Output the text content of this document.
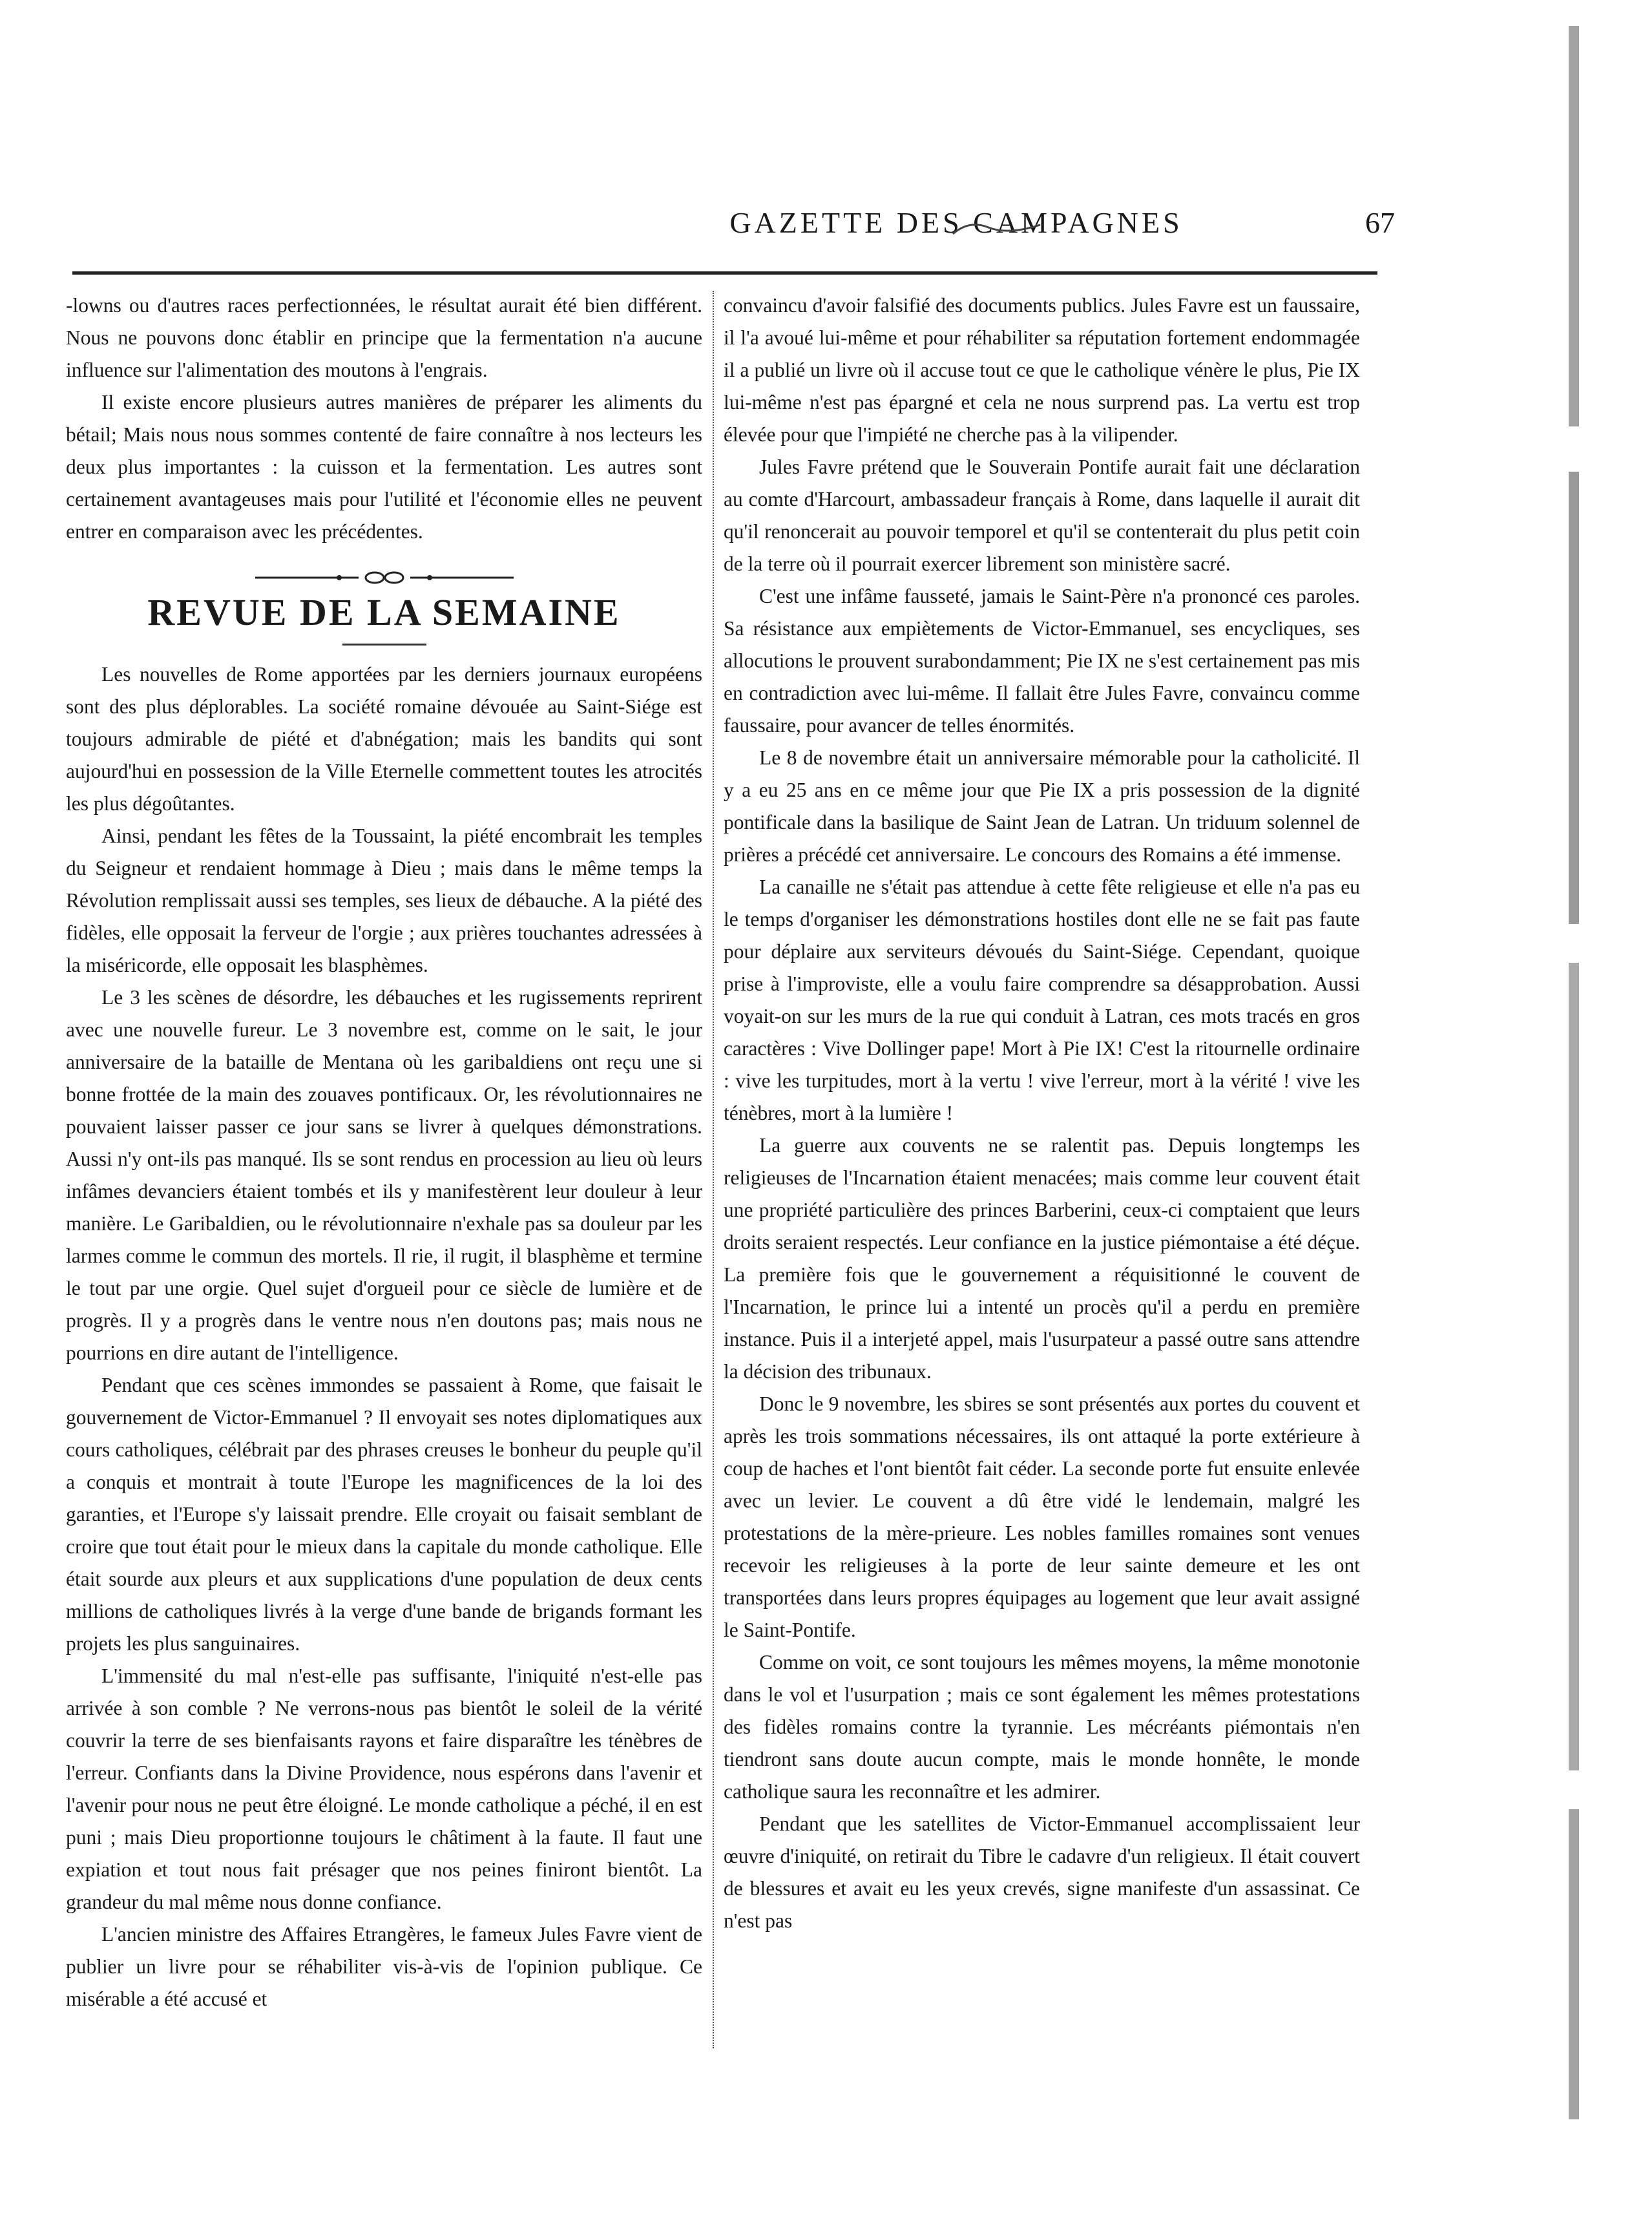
GAZETTE DES CAMPAGNES	67

-lowns ou d'autres races perfectionnées, le résultat aurait été bien différent. Nous ne pouvons donc établir en principe que la fermentation n'a aucune influence sur l'alimentation des moutons à l'engrais.

Il existe encore plusieurs autres manières de préparer les aliments du bétail; Mais nous nous sommes contenté de faire connaître à nos lecteurs les deux plus importantes : la cuisson et la fermentation. Les autres sont certainement avantageuses mais pour l'utilité et l'économie elles ne peuvent entrer en comparaison avec les précédentes.

REVUE DE LA SEMAINE

Les nouvelles de Rome apportées par les derniers journaux européens sont des plus déplorables. La société romaine dévouée au Saint-Siége est toujours admirable de piété et d'abnégation; mais les bandits qui sont aujourd'hui en possession de la Ville Eternelle commettent toutes les atrocités les plus dégoûtantes.

Ainsi, pendant les fêtes de la Toussaint, la piété encombrait les temples du Seigneur et rendaient hommage à Dieu ; mais dans le même temps la Révolution remplissait aussi ses temples, ses lieux de débauche. A la piété des fidèles, elle opposait la ferveur de l'orgie ; aux prières touchantes adressées à la miséricorde, elle opposait les blasphèmes.

Le 3 les scènes de désordre, les débauches et les rugissements reprirent avec une nouvelle fureur. Le 3 novembre est, comme on le sait, le jour anniversaire de la bataille de Mentana où les garibaldiens ont reçu une si bonne frottée de la main des zouaves pontificaux. Or, les révolutionnaires ne pouvaient laisser passer ce jour sans se livrer à quelques démonstrations. Aussi n'y ont-ils pas manqué. Ils se sont rendus en procession au lieu où leurs infâmes devanciers étaient tombés et ils y manifestèrent leur douleur à leur manière. Le Garibaldien, ou le révolutionnaire n'exhale pas sa douleur par les larmes comme le commun des mortels. Il rie, il rugit, il blasphème et termine le tout par une orgie. Quel sujet d'orgueil pour ce siècle de lumière et de progrès. Il y a progrès dans le ventre nous n'en doutons pas; mais nous ne pourrions en dire autant de l'intelligence.

Pendant que ces scènes immondes se passaient à Rome, que faisait le gouvernement de Victor-Emmanuel ? Il envoyait ses notes diplomatiques aux cours catholiques, célébrait par des phrases creuses le bonheur du peuple qu'il a conquis et montrait à toute l'Europe les magnificences de la loi des garanties, et l'Europe s'y laissait prendre. Elle croyait ou faisait semblant de croire que tout était pour le mieux dans la capitale du monde catholique. Elle était sourde aux pleurs et aux supplications d'une population de deux cents millions de catholiques livrés à la verge d'une bande de brigands formant les projets les plus sanguinaires.

L'immensité du mal n'est-elle pas suffisante, l'iniquité n'est-elle pas arrivée à son comble ? Ne verrons-nous pas bientôt le soleil de la vérité couvrir la terre de ses bienfaisants rayons et faire disparaître les ténèbres de l'erreur. Confiants dans la Divine Providence, nous espérons dans l'avenir et l'avenir pour nous ne peut être éloigné. Le monde catholique a péché, il en est puni ; mais Dieu proportionne toujours le châtiment à la faute. Il faut une expiation et tout nous fait présager que nos peines finiront bientôt. La grandeur du mal même nous donne confiance.

L'ancien ministre des Affaires Etrangères, le fameux Jules Favre vient de publier un livre pour se réhabiliter vis-à-vis de l'opinion publique. Ce misérable a été accusé et

convaincu d'avoir falsifié des documents publics. Jules Favre est un faussaire, il l'a avoué lui-même et pour réhabiliter sa réputation fortement endommagée il a publié un livre où il accuse tout ce que le catholique vénère le plus, Pie IX lui-même n'est pas épargné et cela ne nous surprend pas. La vertu est trop élevée pour que l'impiété ne cherche pas à la vilipender.

Jules Favre prétend que le Souverain Pontife aurait fait une déclaration au comte d'Harcourt, ambassadeur français à Rome, dans laquelle il aurait dit qu'il renoncerait au pouvoir temporel et qu'il se contenterait du plus petit coin de la terre où il pourrait exercer librement son ministère sacré.

C'est une infâme fausseté, jamais le Saint-Père n'a prononcé ces paroles. Sa résistance aux empiètements de Victor-Emmanuel, ses encycliques, ses allocutions le prouvent surabondamment; Pie IX ne s'est certainement pas mis en contradiction avec lui-même. Il fallait être Jules Favre, convaincu comme faussaire, pour avancer de telles énormités.

Le 8 de novembre était un anniversaire mémorable pour la catholicité. Il y a eu 25 ans en ce même jour que Pie IX a pris possession de la dignité pontificale dans la basilique de Saint Jean de Latran. Un triduum solennel de prières a précédé cet anniversaire. Le concours des Romains a été immense.

La canaille ne s'était pas attendue à cette fête religieuse et elle n'a pas eu le temps d'organiser les démonstrations hostiles dont elle ne se fait pas faute pour déplaire aux serviteurs dévoués du Saint-Siége. Cependant, quoique prise à l'improviste, elle a voulu faire comprendre sa désapprobation. Aussi voyait-on sur les murs de la rue qui conduit à Latran, ces mots tracés en gros caractères : Vive Dollinger pape! Mort à Pie IX! C'est la ritournelle ordinaire : vive les turpitudes, mort à la vertu ! vive l'erreur, mort à la vérité ! vive les ténèbres, mort à la lumière !

La guerre aux couvents ne se ralentit pas. Depuis longtemps les religieuses de l'Incarnation étaient menacées; mais comme leur couvent était une propriété particulière des princes Barberini, ceux-ci comptaient que leurs droits seraient respectés. Leur confiance en la justice piémontaise a été déçue. La première fois que le gouvernement a réquisitionné le couvent de l'Incarnation, le prince lui a intenté un procès qu'il a perdu en première instance. Puis il a interjeté appel, mais l'usurpateur a passé outre sans attendre la décision des tribunaux.

Donc le 9 novembre, les sbires se sont présentés aux portes du couvent et après les trois sommations nécessaires, ils ont attaqué la porte extérieure à coup de haches et l'ont bientôt fait céder. La seconde porte fut ensuite enlevée avec un levier. Le couvent a dû être vidé le lendemain, malgré les protestations de la mère-prieure. Les nobles familles romaines sont venues recevoir les religieuses à la porte de leur sainte demeure et les ont transportées dans leurs propres équipages au logement que leur avait assigné le Saint-Pontife.

Comme on voit, ce sont toujours les mêmes moyens, la même monotonie dans le vol et l'usurpation ; mais ce sont également les mêmes protestations des fidèles romains contre la tyrannie. Les mécréants piémontais n'en tiendront sans doute aucun compte, mais le monde honnête, le monde catholique saura les reconnaître et les admirer.

Pendant que les satellites de Victor-Emmanuel accomplissaient leur œuvre d'iniquité, on retirait du Tibre le cadavre d'un religieux. Il était couvert de blessures et avait eu les yeux crevés, signe manifeste d'un assassinat. Ce n'est pas
